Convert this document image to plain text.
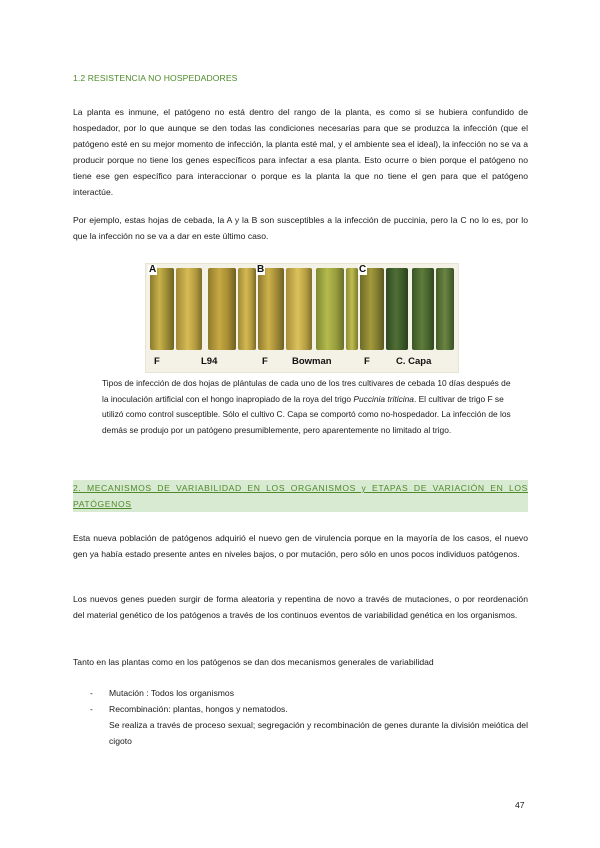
1.2 RESISTENCIA NO HOSPEDADORES

La planta es inmune, el patógeno no está dentro del rango de la planta, es como si se hubiera confundido de hospedador, por lo que aunque se den todas las condiciones necesarias para que se produzca la infección (que el patógeno esté en su mejor momento de infección, la planta esté mal, y el ambiente sea el ideal), la infección no se va a producir porque no tiene los genes específicos para infectar a esa planta. Esto ocurre o bien porque el patógeno no tiene ese gen específico para interaccionar o porque es la planta la que no tiene el gen para que el patógeno interactúe.

Por ejemplo, estas hojas de cebada, la A y la B son susceptibles a la infección de puccinia, pero la C no lo es, por lo que la infección no se va a dar en este último caso.

A
F	L94
B
F	Bowman
C
F	C. Capa

Tipos de infección de dos hojas de plántulas de cada uno de los tres cultivares de cebada 10 días después de la inoculación artificial con el hongo inapropiado de la roya del trigo Puccinia triticina. El cultivar de trigo F se utilizó como control susceptible. Sólo el cultivo C. Capa se comportó como no-hospedador. La infección de los demás se produjo por un patógeno presumiblemente, pero aparentemente no limitado al trigo.

2. MECANISMOS DE VARIABILIDAD EN LOS ORGANISMOS y ETAPAS DE VARIACIÓN EN LOS PATÓGENOS

Esta nueva población de patógenos adquirió el nuevo gen de virulencia porque en la mayoría de los casos, el nuevo gen ya había estado presente antes en niveles bajos, o por mutación, pero sólo en unos pocos individuos patógenos.

Los nuevos genes pueden surgir de forma aleatoria y repentina de novo a través de mutaciones, o por reordenación del material genético de los patógenos a través de los continuos eventos de variabilidad genética en los organismos.

Tanto en las plantas como en los patógenos se dan dos mecanismos generales de variabilidad

- Mutación : Todos los organismos
- Recombinación: plantas, hongos y nematodos.
Se realiza a través de proceso sexual; segregación y recombinación de genes durante la división meiótica del cigoto
47
